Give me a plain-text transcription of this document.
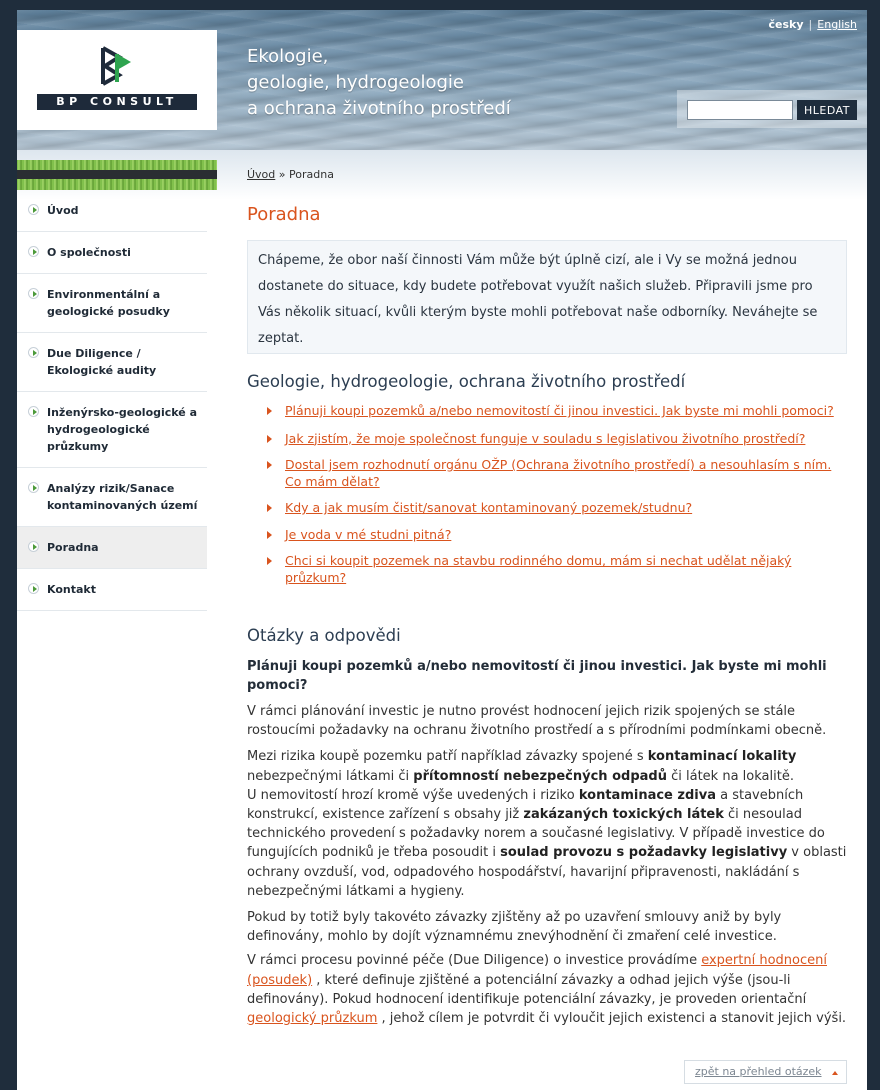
BP CONSULT
Ekologie,
geologie, hydrogeologie
a ochrana životního prostředí
česky | English
HLEDAT
Úvod
O společnosti
Environmentální a geologické posudky
Due Diligence / Ekologické audity
Inženýrsko-geologické a hydrogeologické průzkumy
Analýzy rizik/Sanace kontaminovaných území
Poradna
Kontakt
Úvod » Poradna
Poradna
Chápeme, že obor naší činnosti Vám může být úplně cizí, ale i Vy se možná jednou dostanete do situace, kdy budete potřebovat využít našich služeb. Připravili jsme pro Vás několik situací, kvůli kterým byste mohli potřebovat naše odborníky. Neváhejte se zeptat.
Geologie, hydrogeologie, ochrana životního prostředí
Plánuji koupi pozemků a/nebo nemovitostí či jinou investici. Jak byste mi mohli pomoci?
Jak zjistím, že moje společnost funguje v souladu s legislativou životního prostředí?
Dostal jsem rozhodnutí orgánu OŽP (Ochrana životního prostředí) a nesouhlasím s ním. Co mám dělat?
Kdy a jak musím čistit/sanovat kontaminovaný pozemek/studnu?
Je voda v mé studni pitná?
Chci si koupit pozemek na stavbu rodinného domu, mám si nechat udělat nějaký průzkum?
Otázky a odpovědi
Plánuji koupi pozemků a/nebo nemovitostí či jinou investici. Jak byste mi mohli pomoci?

V rámci plánování investic je nutno provést hodnocení jejich rizik spojených se stále rostoucími požadavky na ochranu životního prostředí a s přírodními podmínkami obecně.

Mezi rizika koupě pozemku patří například závazky spojené s kontaminací lokality nebezpečnými látkami či přítomností nebezpečných odpadů či látek na lokalitě.
U nemovitostí hrozí kromě výše uvedených i riziko kontaminace zdiva a stavebních konstrukcí, existence zařízení s obsahy již zakázaných toxických látek či nesoulad technického provedení s požadavky norem a současné legislativy. V případě investice do fungujících podniků je třeba posoudit i soulad provozu s požadavky legislativy v oblasti ochrany ovzduší, vod, odpadového hospodářství, havarijní připravenosti, nakládání s nebezpečnými látkami a hygieny.

Pokud by totiž byly takovéto závazky zjištěny až po uzavření smlouvy aniž by byly definovány, mohlo by dojít významnému znevýhodnění či zmaření celé investice.

V rámci procesu povinné péče (Due Diligence) o investice provádíme expertní hodnocení (posudek) , které definuje zjištěné a potenciální závazky a odhad jejich výše (jsou-li definovány). Pokud hodnocení identifikuje potenciální závazky, je proveden orientační geologický průzkum , jehož cílem je potvrdit či vyloučit jejich existenci a stanovit jejich výši.

zpět na přehled otázek
